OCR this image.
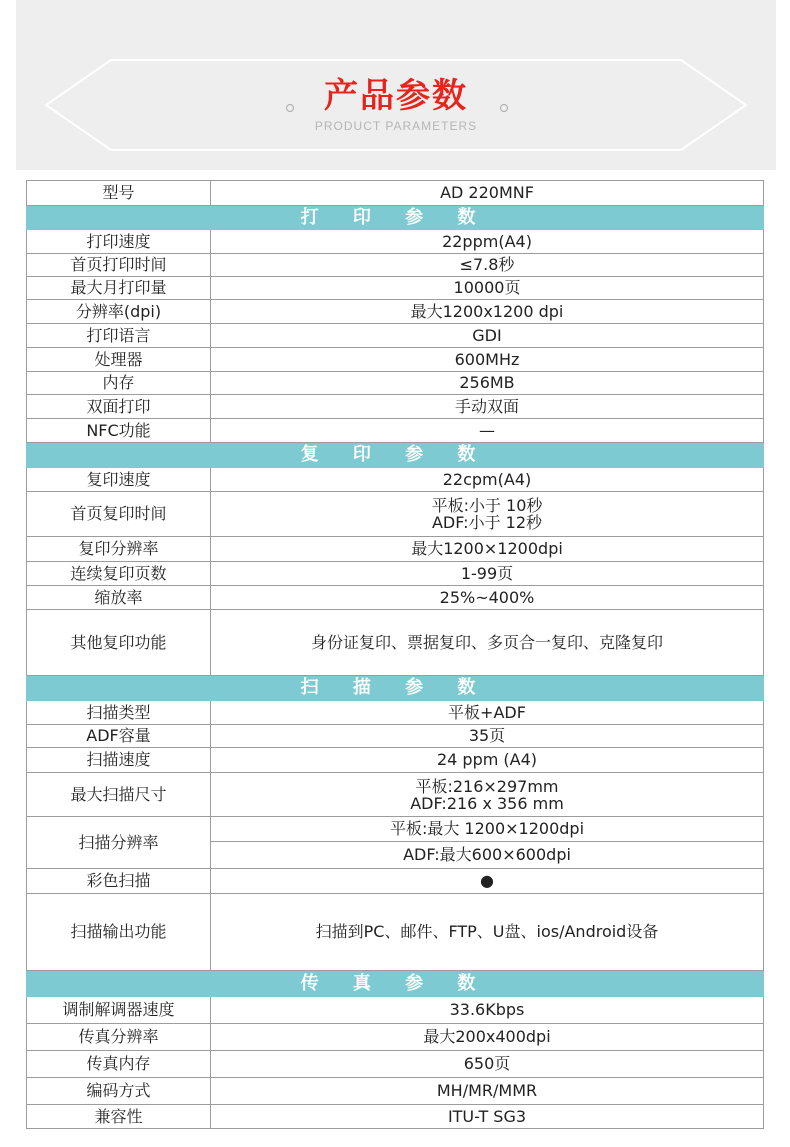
产品参数
PRODUCT PARAMETERS
型号	AD 220MNF
打 印 参 数	
打印速度	22ppm(A4)
首页打印时间	≤7.8秒
最大月打印量	10000页
分辨率(dpi)	最大1200x1200 dpi
打印语言	GDI
处理器	600MHz
内存	256MB
双面打印	手动双面
NFC功能	—
复 印 参 数	
复印速度	22cpm(A4)
首页复印时间	平板:小于 10秒
ADF:小于 12秒

复印分辨率	最大1200×1200dpi
连续复印页数	1-99页
缩放率	25%~400%
其他复印功能	身份证复印、票据复印、多页合一复印、克隆复印
扫 描 参 数	
扫描类型	平板+ADF
ADF容量	35页
扫描速度	24 ppm (A4)
最大扫描尺寸	平板:216×297mm
ADF:216 x 356 mm

扫描分辨率	平板:最大 1200×1200dpi
	ADF:最大600×600dpi
彩色扫描	●
扫描输出功能	扫描到PC、邮件、FTP、U盘、ios/Android设备
传 真 参 数	
调制解调器速度	33.6Kbps
传真分辨率	最大200x400dpi
传真内存	650页
编码方式	MH/MR/MMR
兼容性	ITU-T SG3
